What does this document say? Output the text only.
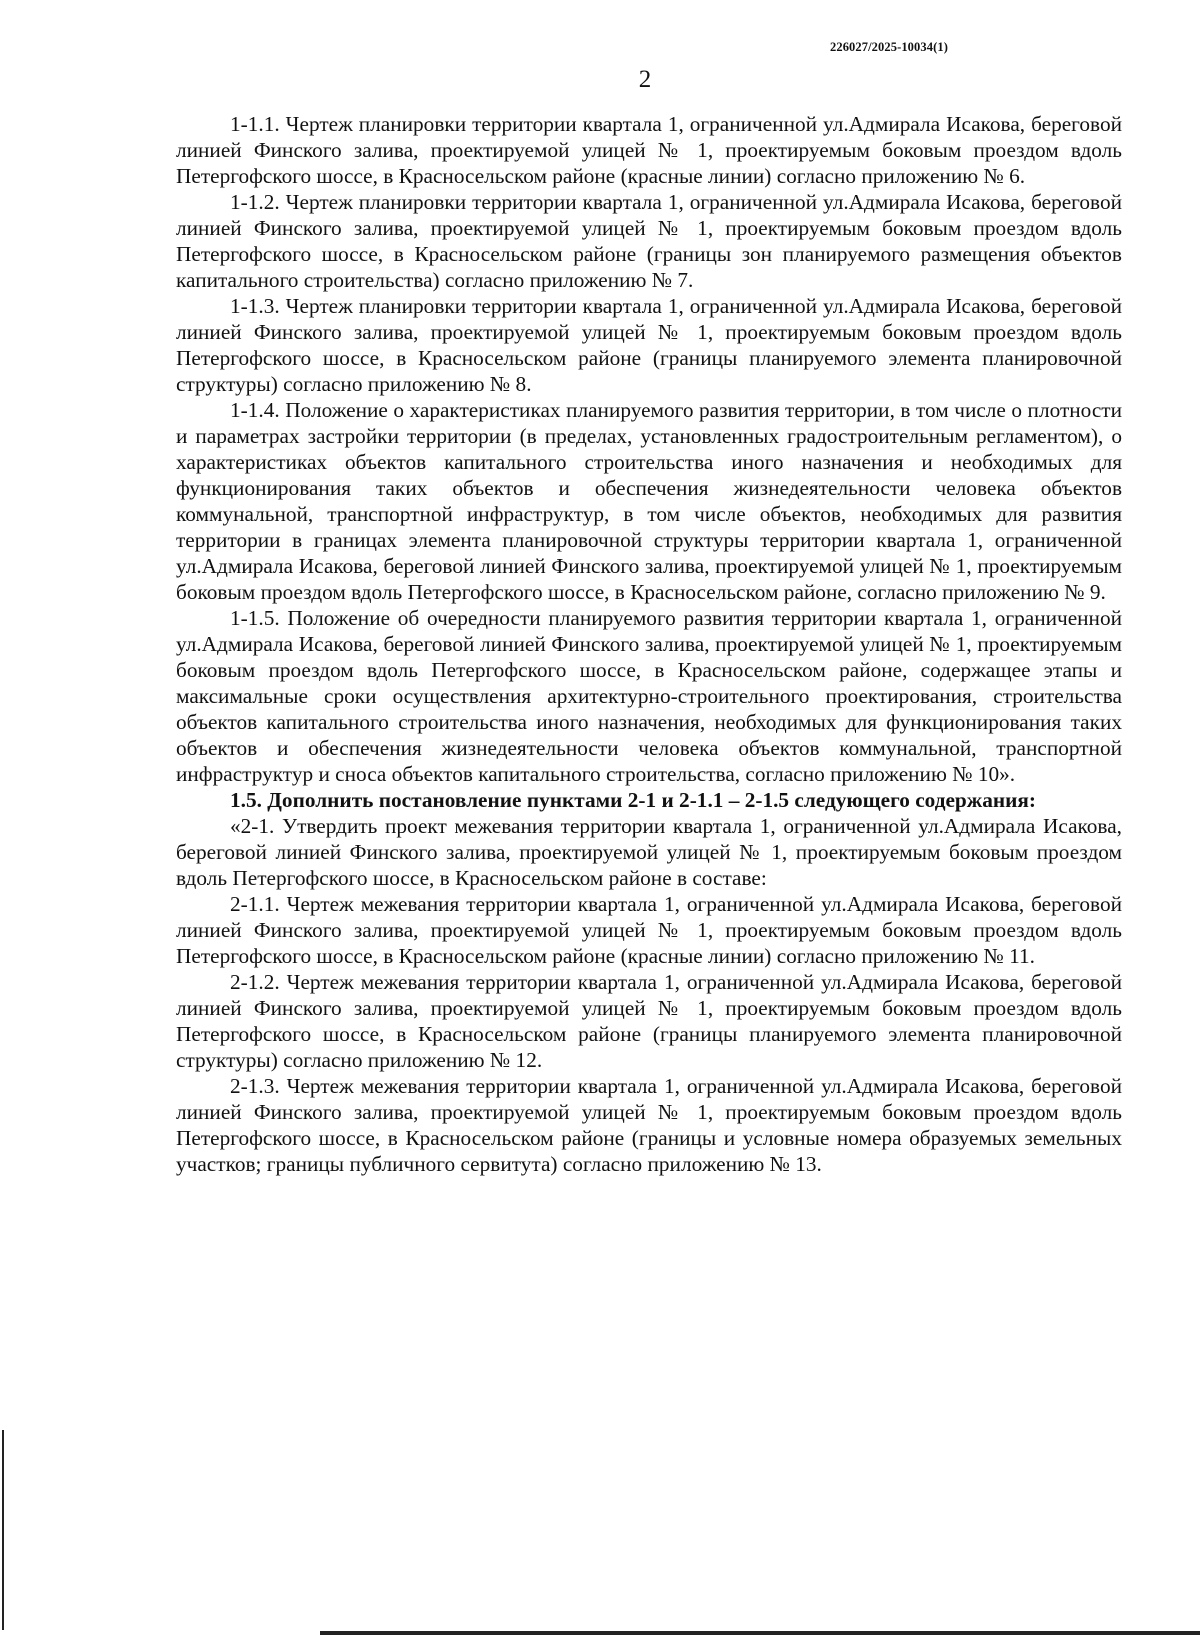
226027/2025-10034(1)
2

1-1.1. Чертеж планировки территории квартала 1, ограниченной ул.Адмирала Исакова, береговой линией Финского залива, проектируемой улицей № 1, проектируемым боковым проездом вдоль Петергофского шоссе, в Красносельском районе (красные линии) согласно приложению № 6.

1-1.2. Чертеж планировки территории квартала 1, ограниченной ул.Адмирала Исакова, береговой линией Финского залива, проектируемой улицей № 1, проектируемым боковым проездом вдоль Петергофского шоссе, в Красносельском районе (границы зон планируемого размещения объектов капитального строительства) согласно приложению № 7.

1-1.3. Чертеж планировки территории квартала 1, ограниченной ул.Адмирала Исакова, береговой линией Финского залива, проектируемой улицей № 1, проектируемым боковым проездом вдоль Петергофского шоссе, в Красносельском районе (границы планируемого элемента планировочной структуры) согласно приложению № 8.

1-1.4. Положение о характеристиках планируемого развития территории, в том числе о плотности и параметрах застройки территории (в пределах, установленных градостроительным регламентом), о характеристиках объектов капитального строительства иного назначения и необходимых для функционирования таких объектов и обеспечения жизнедеятельности человека объектов коммунальной, транспортной инфраструктур, в том числе объектов, необходимых для развития территории в границах элемента планировочной структуры территории квартала 1, ограниченной ул.Адмирала Исакова, береговой линией Финского залива, проектируемой улицей № 1, проектируемым боковым проездом вдоль Петергофского шоссе, в Красносельском районе, согласно приложению № 9.

1-1.5. Положение об очередности планируемого развития территории квартала 1, ограниченной ул.Адмирала Исакова, береговой линией Финского залива, проектируемой улицей № 1, проектируемым боковым проездом вдоль Петергофского шоссе, в Красносельском районе, содержащее этапы и максимальные сроки осуществления архитектурно-строительного проектирования, строительства объектов капитального строительства иного назначения, необходимых для функционирования таких объектов и обеспечения жизнедеятельности человека объектов коммунальной, транспортной инфраструктур и сноса объектов капитального строительства, согласно приложению № 10».

1.5. Дополнить постановление пунктами 2-1 и 2-1.1 – 2-1.5 следующего содержания:

«2-1. Утвердить проект межевания территории квартала 1, ограниченной ул.Адмирала Исакова, береговой линией Финского залива, проектируемой улицей № 1, проектируемым боковым проездом вдоль Петергофского шоссе, в Красносельском районе в составе:

2-1.1. Чертеж межевания территории квартала 1, ограниченной ул.Адмирала Исакова, береговой линией Финского залива, проектируемой улицей № 1, проектируемым боковым проездом вдоль Петергофского шоссе, в Красносельском районе (красные линии) согласно приложению № 11.

2-1.2. Чертеж межевания территории квартала 1, ограниченной ул.Адмирала Исакова, береговой линией Финского залива, проектируемой улицей № 1, проектируемым боковым проездом вдоль Петергофского шоссе, в Красносельском районе (границы планируемого элемента планировочной структуры) согласно приложению № 12.

2-1.3. Чертеж межевания территории квартала 1, ограниченной ул.Адмирала Исакова, береговой линией Финского залива, проектируемой улицей № 1, проектируемым боковым проездом вдоль Петергофского шоссе, в Красносельском районе (границы и условные номера образуемых земельных участков; границы публичного сервитута) согласно приложению № 13.
